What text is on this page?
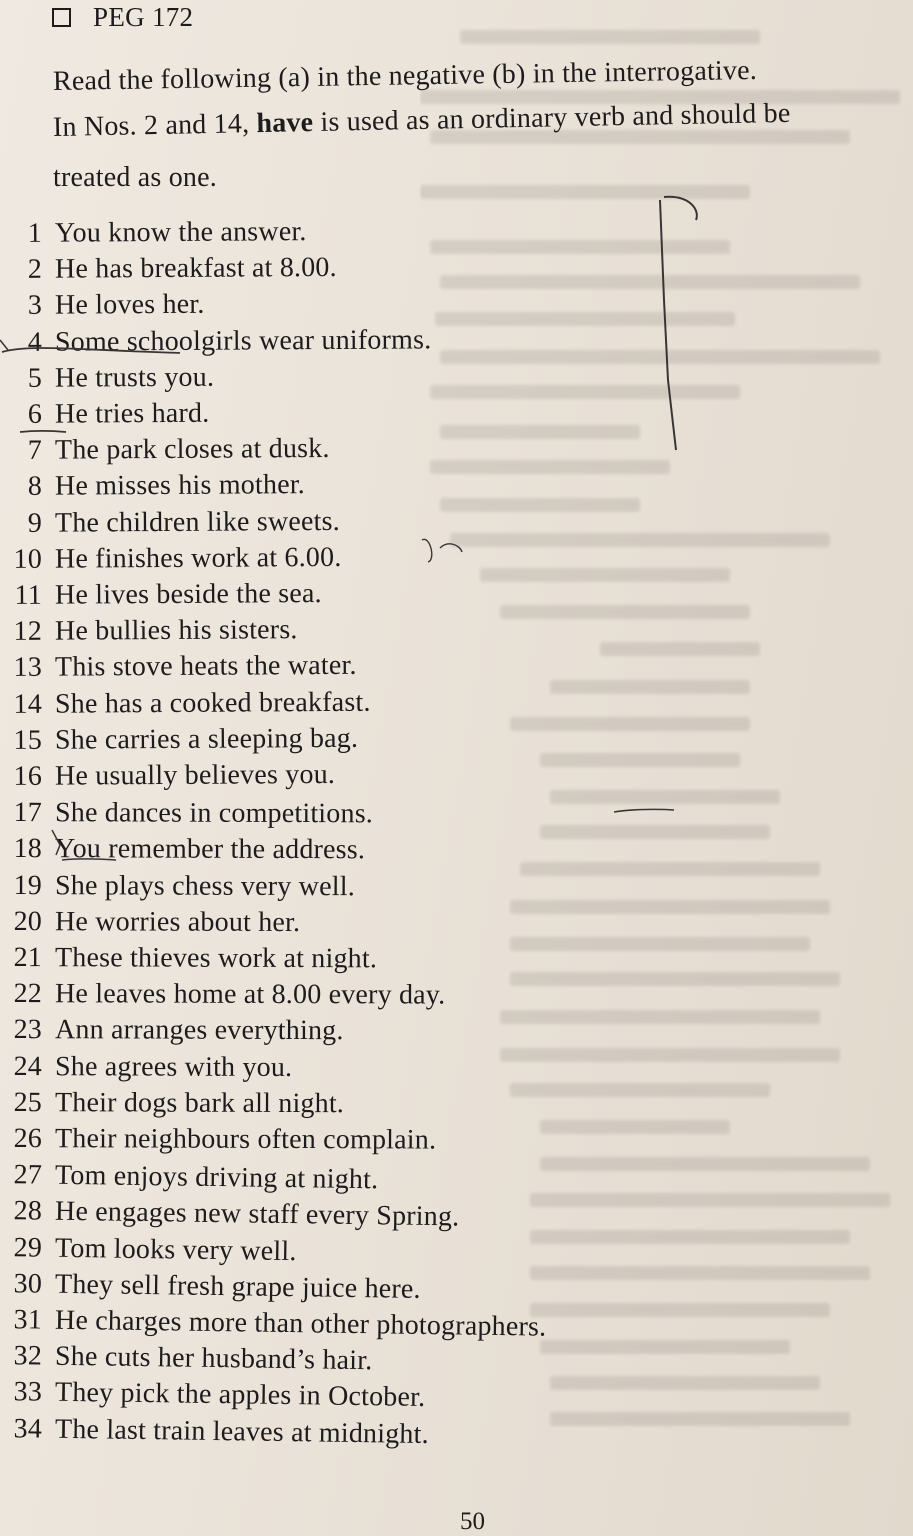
PEG 172
Read the following (a) in the negative (b) in the interrogative.
In Nos. 2 and 14, have is used as an ordinary verb and should be
treated as one.
1 You know the answer.
2 He has breakfast at 8.00.
3 He loves her.
4 Some schoolgirls wear uniforms.
5 He trusts you.
6 He tries hard.
7 The park closes at dusk.
8 He misses his mother.
9 The children like sweets.
10 He finishes work at 6.00.
11 He lives beside the sea.
12 He bullies his sisters.
13 This stove heats the water.
14 She has a cooked breakfast.
15 She carries a sleeping bag.
16 He usually believes you.
17 She dances in competitions.
18 You remember the address.
19 She plays chess very well.
20 He worries about her.
21 These thieves work at night.
22 He leaves home at 8.00 every day.
23 Ann arranges everything.
24 She agrees with you.
25 Their dogs bark all night.
26 Their neighbours often complain.
27 Tom enjoys driving at night.
28 He engages new staff every Spring.
29 Tom looks very well.
30 They sell fresh grape juice here.
31 He charges more than other photographers.
32 She cuts her husband’s hair.
33 They pick the apples in October.
34 The last train leaves at midnight.
50
